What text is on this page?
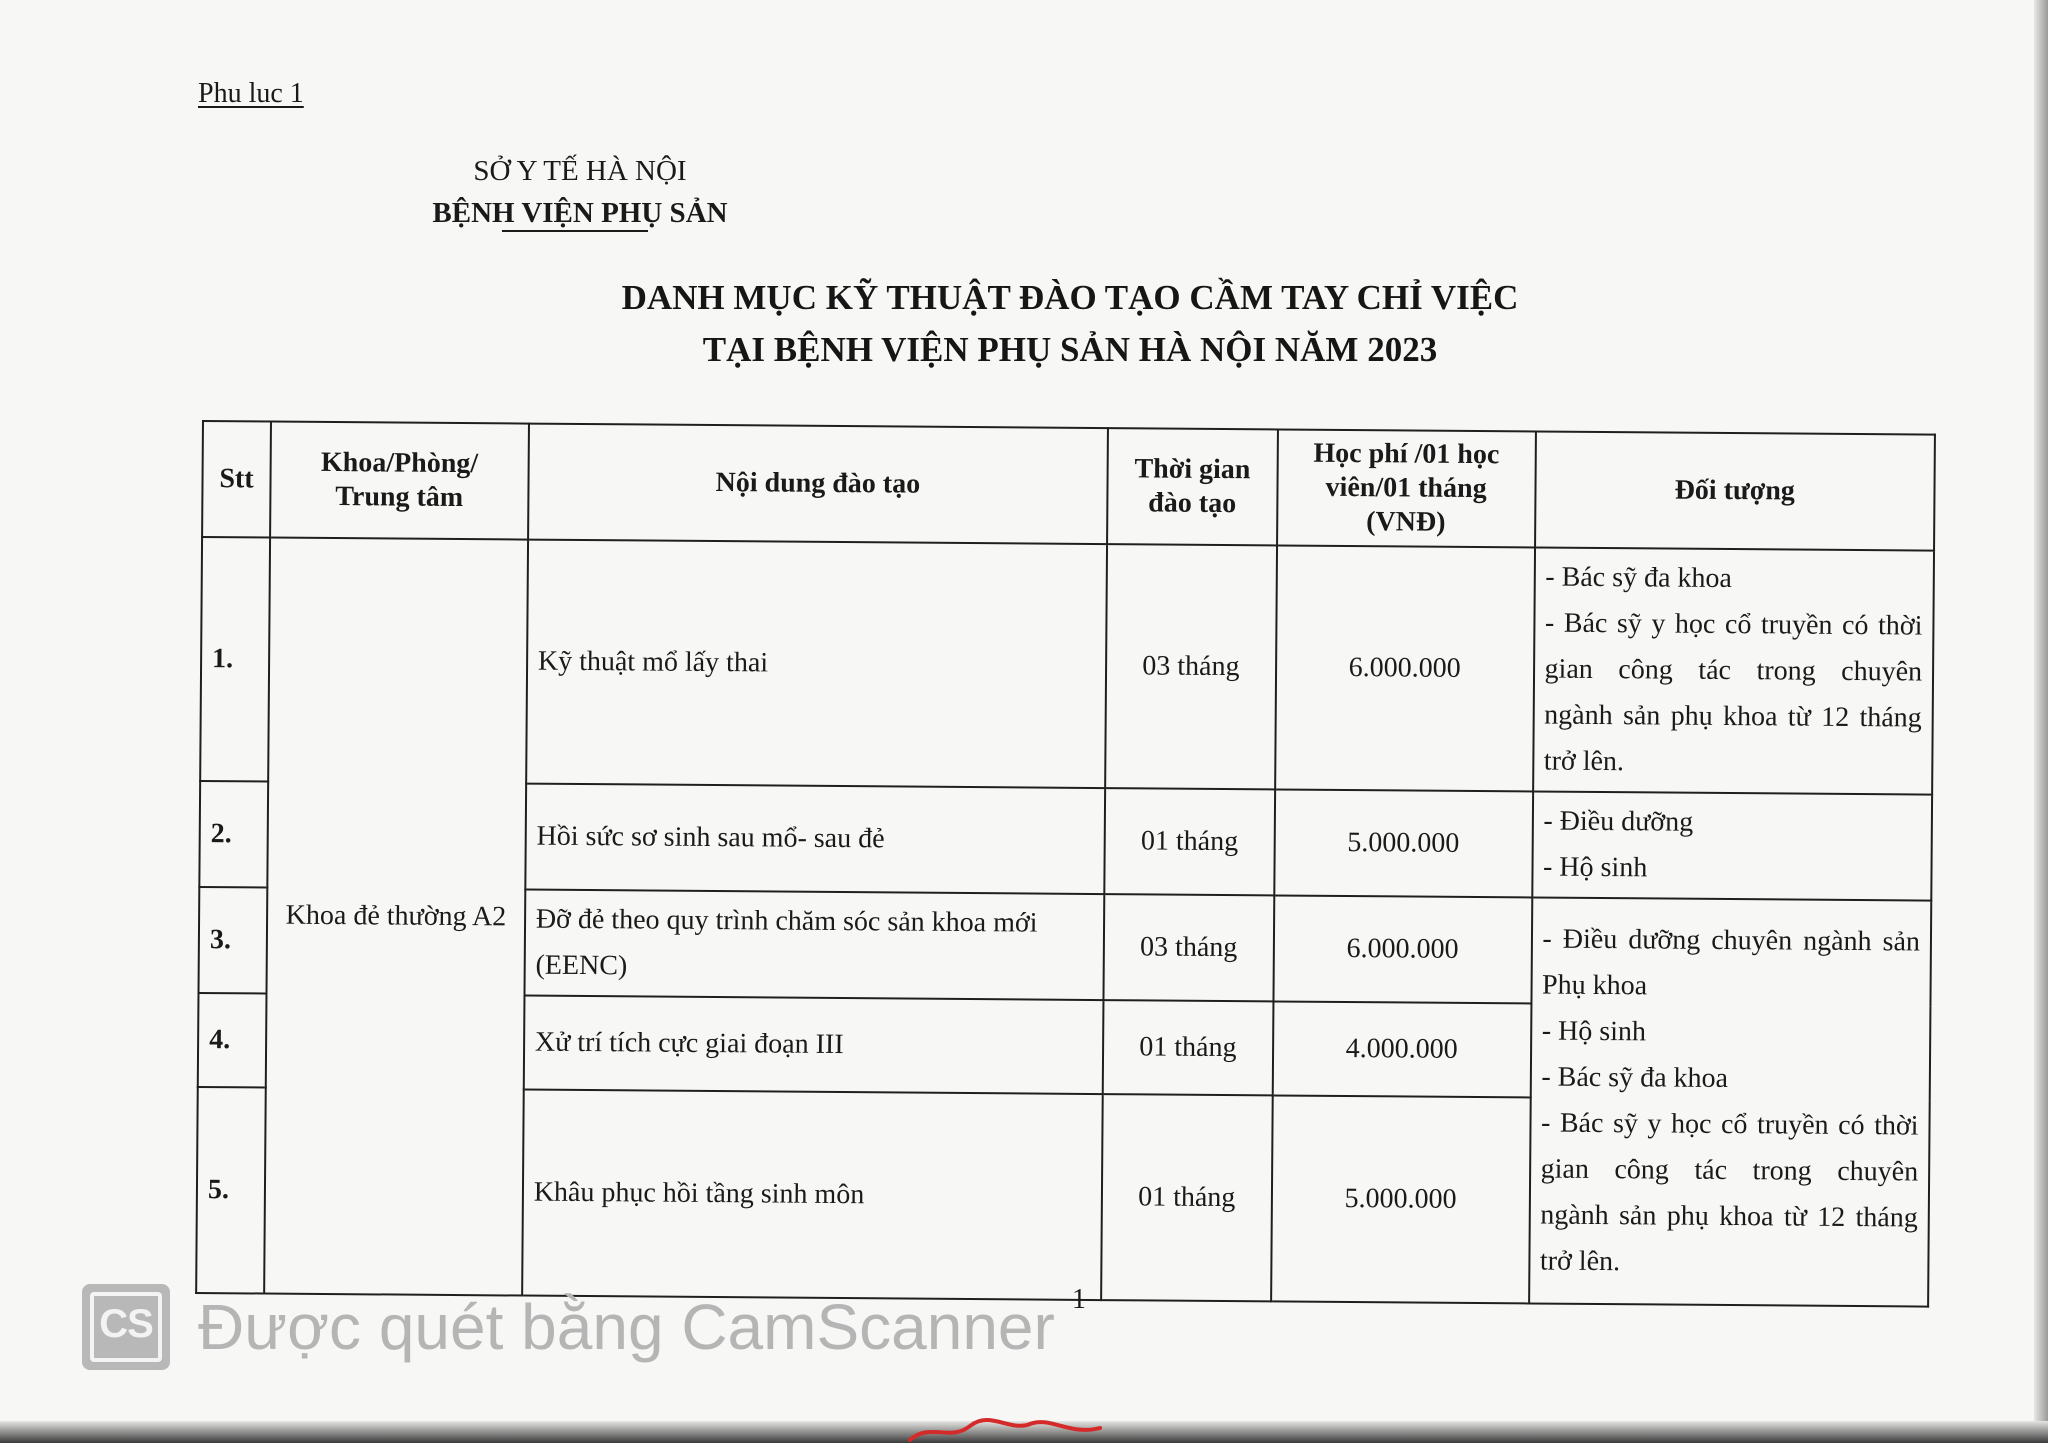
Phu luc 1

SỞ Y TẾ HÀ NỘI
BỆNH VIỆN PHỤ SẢN
DANH MỤC KỸ THUẬT ĐÀO TẠO CẦM TAY CHỈ VIỆC
TẠI BỆNH VIỆN PHỤ SẢN HÀ NỘI NĂM 2023
Stt	Khoa/Phòng/ Trung tâm	Nội dung đào tạo	Thời gian đào tạo	Học phí /01 học viên/01 tháng (VNĐ)	Đối tượng
1.	Khoa đẻ thường A2	Kỹ thuật mổ lấy thai	03 tháng	6.000.000	- Bác sỹ đa khoa
- Bác sỹ y học cổ truyền có thời gian công tác trong chuyên ngành sản phụ khoa từ 12 tháng trở lên.

2.		Hồi sức sơ sinh sau mổ- sau đẻ	01 tháng	5.000.000	- Điều dưỡng
- Hộ sinh

3.		Đỡ đẻ theo quy trình chăm sóc sản khoa mới (EENC)	03 tháng	6.000.000	- Điều dưỡng chuyên ngành sản Phụ khoa
- Hộ sinh
- Bác sỹ đa khoa
- Bác sỹ y học cổ truyền có thời gian công tác trong chuyên ngành sản phụ khoa từ 12 tháng trở lên.

4.		Xử trí tích cực giai đoạn III	01 tháng	4.000.000	
5.		Khâu phục hồi tầng sinh môn	01 tháng	5.000.000	

1

CS Được quét bằng CamScanner
